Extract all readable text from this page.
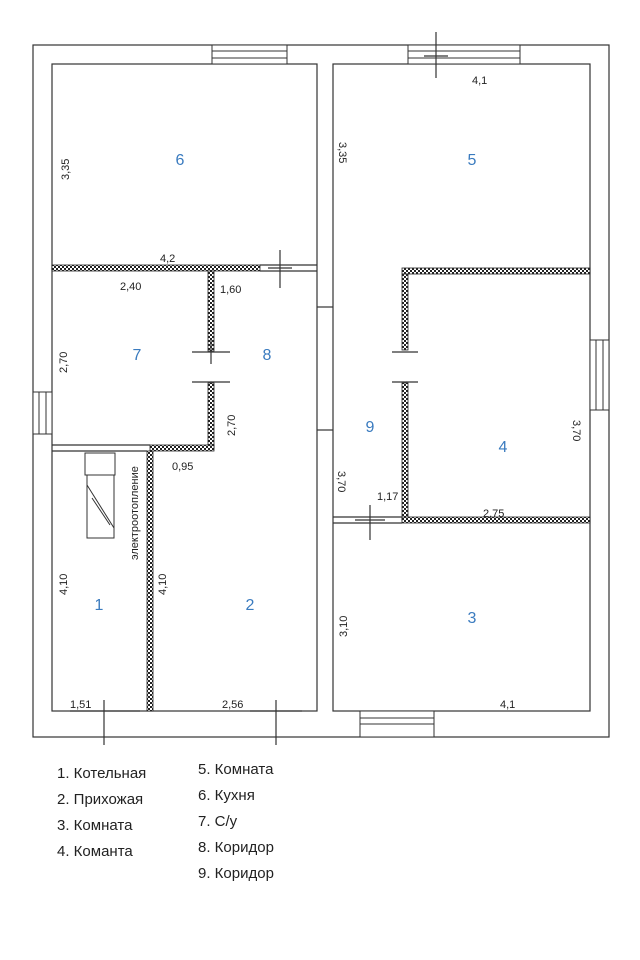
1	2
3
4
5
6
7	8
9
4,1
3,35
3,35
4,2
2,40	1,60
2,70
2,70
0,95
3,70
3,70
1,17
2,75
4,10	4,10
3,10
1,51	2,56	4,1
электроотопление
1. Котельная
2. Прихожая
3. Комната
4. Команта
5. Комната
6. Кухня
7. С/у
8. Коридор
9. Коридор
